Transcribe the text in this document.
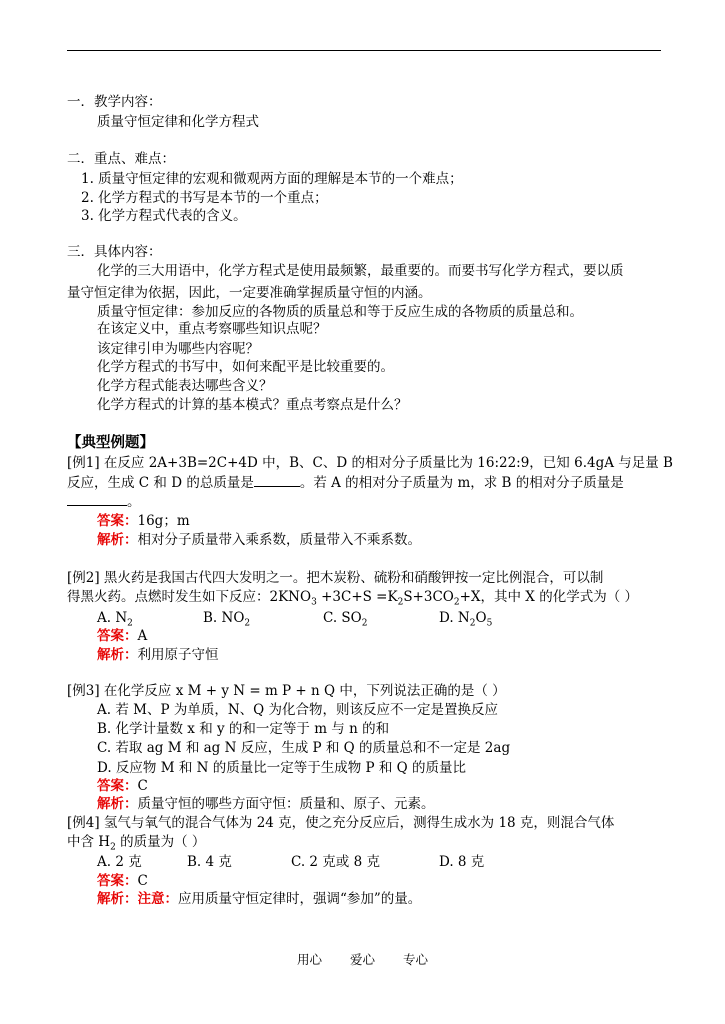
一．教学内容：
质量守恒定律和化学方程式
二．重点、难点：
1. 质量守恒定律的宏观和微观两方面的理解是本节的一个难点；
2. 化学方程式的书写是本节的一个重点；
3. 化学方程式代表的含义。
三．具体内容：
化学的三大用语中，化学方程式是使用最频繁，最重要的。而要书写化学方程式，要以质
量守恒定律为依据，因此，一定要准确掌握质量守恒的内涵。
质量守恒定律：参加反应的各物质的质量总和等于反应生成的各物质的质量总和。
在该定义中，重点考察哪些知识点呢？
该定律引申为哪些内容呢？
化学方程式的书写中，如何来配平是比较重要的。
化学方程式能表达哪些含义？
化学方程式的计算的基本模式？重点考察点是什么？
【典型例题】
[例1] 在反应 2A+3B=2C+4D 中，B、C、D 的相对分子质量比为 16:22:9，已知 6.4gA 与足量 B
反应，生成 C 和 D 的总质量是	。若 A 的相对分子质量为 m，求 B 的相对分子质量是
。
答案：16g；m
解析：相对分子质量带入乘系数，质量带入不乘系数。
[例2] 黑火药是我国古代四大发明之一。把木炭粉、硫粉和硝酸钾按一定比例混合，可以制
得黑火药。点燃时发生如下反应：$2KNO_3 +3C+S =K_2S+3CO_2+X$，其中 X 的化学式为（ ）
A. $N_2$	B. $NO_2$	C. $SO_2$	D. $N_2O_5$
答案：A
解析：利用原子守恒
[例3] 在化学反应 x M + y N = m P + n Q 中，下列说法正确的是（ ）
A. 若 M、P 为单质，N、Q 为化合物，则该反应不一定是置换反应
B. 化学计量数 x 和 y 的和一定等于 m 与 n 的和
C. 若取 ag M 和 ag N 反应，生成 P 和 Q 的质量总和不一定是 2ag
D. 反应物 M 和 N 的质量比一定等于生成物 P 和 Q 的质量比
答案：C
解析：质量守恒的哪些方面守恒：质量和、原子、元素。
[例4] 氢气与氧气的混合气体为 24 克，使之充分反应后，测得生成水为 18 克，则混合气体
中含 $H_2$ 的质量为（ ）
A. 2 克	B. 4 克	C. 2 克或 8 克	D. 8 克
答案：C
解析：注意：应用质量守恒定律时，强调“参加”的量。
用心 爱心 专心
